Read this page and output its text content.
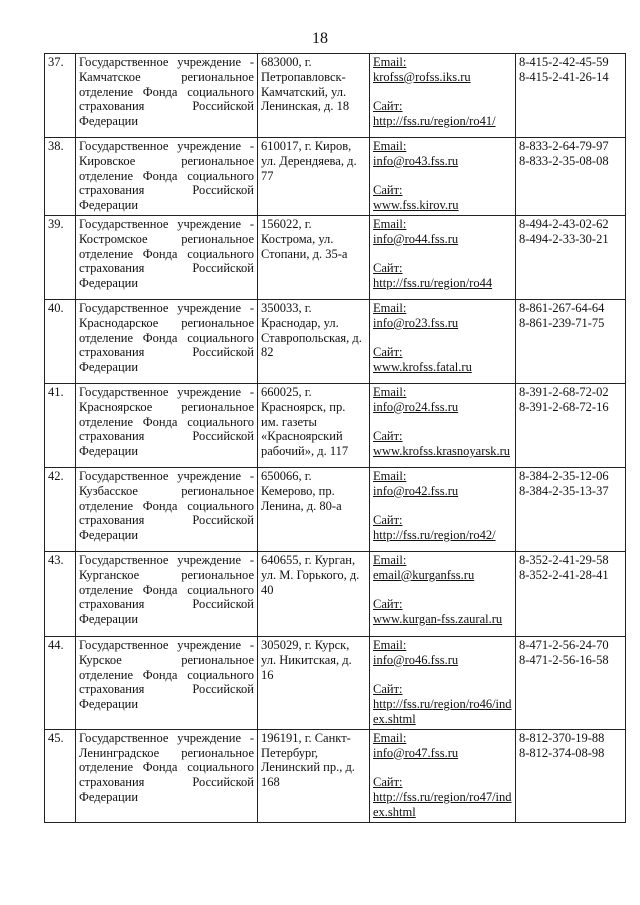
18
37.	Государственное учреждение - Камчатское региональное отделение Фонда социального страхования Российской Федерации	683000, г. Петропавловск-Камчатский, ул. Ленинская, д. 18	Email:
krofss@rofss.iks.ru
Сайт:
http://fss.ru/region/ro41/	8-415-2-42-45-59
8-415-2-41-26-14

38.	Государственное учреждение - Кировское региональное отделение Фонда социального страхования Российской Федерации	610017, г. Киров, ул. Дерендяева, д. 77	Email:
info@ro43.fss.ru
Сайт:
www.fss.kirov.ru	8-833-2-64-79-97
8-833-2-35-08-08

39.	Государственное учреждение - Костромское региональное отделение Фонда социального страхования Российской Федерации	156022, г. Кострома, ул. Стопани, д. 35-а	Email:
info@ro44.fss.ru
Сайт:
http://fss.ru/region/ro44	8-494-2-43-02-62
8-494-2-33-30-21

40.	Государственное учреждение - Краснодарское региональное отделение Фонда социального страхования Российской Федерации	350033, г. Краснодар, ул. Ставропольская, д. 82	Email:
info@ro23.fss.ru
Сайт:
www.krofss.fatal.ru	8-861-267-64-64
8-861-239-71-75

41.	Государственное учреждение - Красноярское региональное отделение Фонда социального страхования Российской Федерации	660025, г. Красноярск, пр. им. газеты «Красноярский рабочий», д. 117	Email:
info@ro24.fss.ru
Сайт:
www.krofss.krasnoyarsk.ru	8-391-2-68-72-02
8-391-2-68-72-16

42.	Государственное учреждение - Кузбасское региональное отделение Фонда социального страхования Российской Федерации	650066, г. Кемерово, пр. Ленина, д. 80-а	Email:
info@ro42.fss.ru
Сайт:
http://fss.ru/region/ro42/	8-384-2-35-12-06
8-384-2-35-13-37

43.	Государственное учреждение - Курганское региональное отделение Фонда социального страхования Российской Федерации	640655, г. Курган, ул. М. Горького, д. 40	Email:
email@kurganfss.ru
Сайт:
www.kurgan-fss.zaural.ru	8-352-2-41-29-58
8-352-2-41-28-41

44.	Государственное учреждение - Курское региональное отделение Фонда социального страхования Российской Федерации	305029, г. Курск, ул. Никитская, д. 16	Email:
info@ro46.fss.ru
Сайт:
http://fss.ru/region/ro46/index.shtml	8-471-2-56-24-70
8-471-2-56-16-58

45.	Государственное учреждение - Ленинградское региональное отделение Фонда социального страхования Российской Федерации	196191, г. Санкт-Петербург, Ленинский пр., д. 168	Email:
info@ro47.fss.ru
Сайт:
http://fss.ru/region/ro47/index.shtml	8-812-370-19-88
8-812-374-08-98
